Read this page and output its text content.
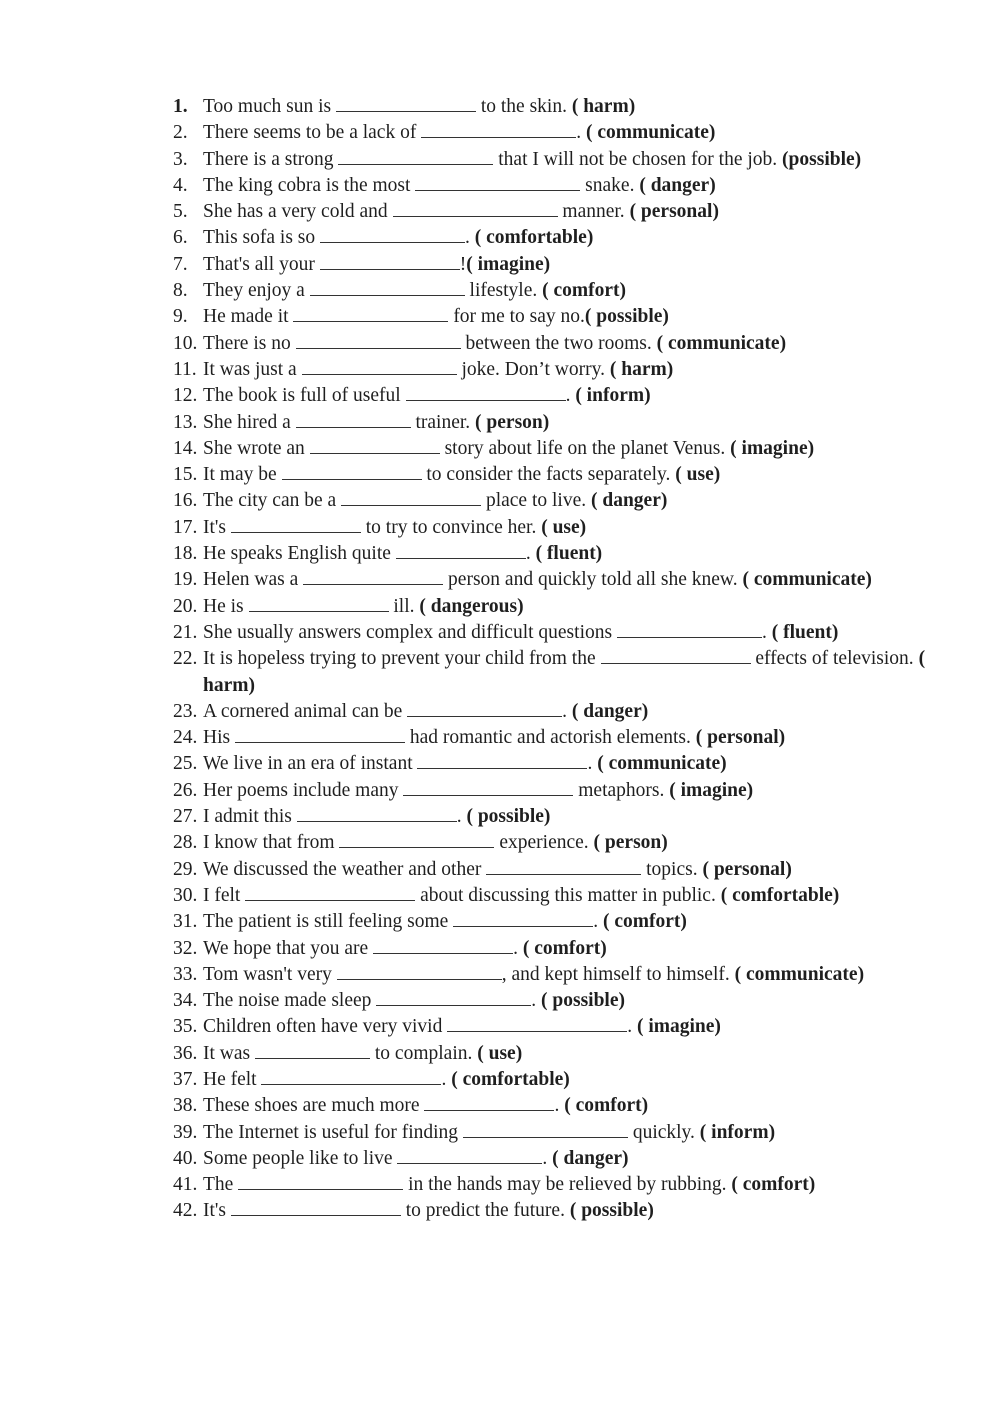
1. Too much sun is	to the skin. ( harm)

2. There seems to be a lack of	. ( communicate)

3. There is a strong	that I will not be chosen for the job. (possible)

4. The king cobra is the most	snake. ( danger)

5. She has a very cold and	manner. ( personal)

6. This sofa is so	. ( comfortable)

7. That's all your	!( imagine)

8. They enjoy a	lifestyle. ( comfort)

9. He made it	for me to say no.( possible)

10. There is no	between the two rooms. ( communicate)

11. It was just a	joke. Don’t worry. ( harm)

12. The book is full of useful	. ( inform)

13. She hired a	trainer. ( person)

14. She wrote an	story about life on the planet Venus. ( imagine)

15. It may be	to consider the facts separately. ( use)

16. The city can be a	place to live. ( danger)

17. It's	to try to convince her. ( use)

18. He speaks English quite	. ( fluent)

19. Helen was a	person and quickly told all she knew. ( communicate)

20. He is	ill. ( dangerous)

21. She usually answers complex and difficult questions	. ( fluent)

22. It is hopeless trying to prevent your child from the	effects of television. ( harm)

23. A cornered animal can be	. ( danger)

24. His	had romantic and actorish elements. ( personal)

25. We live in an era of instant	. ( communicate)

26. Her poems include many	metaphors. ( imagine)

27. I admit this	. ( possible)

28. I know that from	experience. ( person)

29. We discussed the weather and other	topics. ( personal)

30. I felt	about discussing this matter in public. ( comfortable)

31. The patient is still feeling some	. ( comfort)

32. We hope that you are	. ( comfort)

33. Tom wasn't very	, and kept himself to himself. ( communicate)

34. The noise made sleep	. ( possible)

35. Children often have very vivid	. ( imagine)

36. It was	to complain. ( use)

37. He felt	. ( comfortable)

38. These shoes are much more	. ( comfort)

39. The Internet is useful for finding	quickly. ( inform)

40. Some people like to live	. ( danger)

41. The	in the hands may be relieved by rubbing. ( comfort)

42. It's	to predict the future. ( possible)
